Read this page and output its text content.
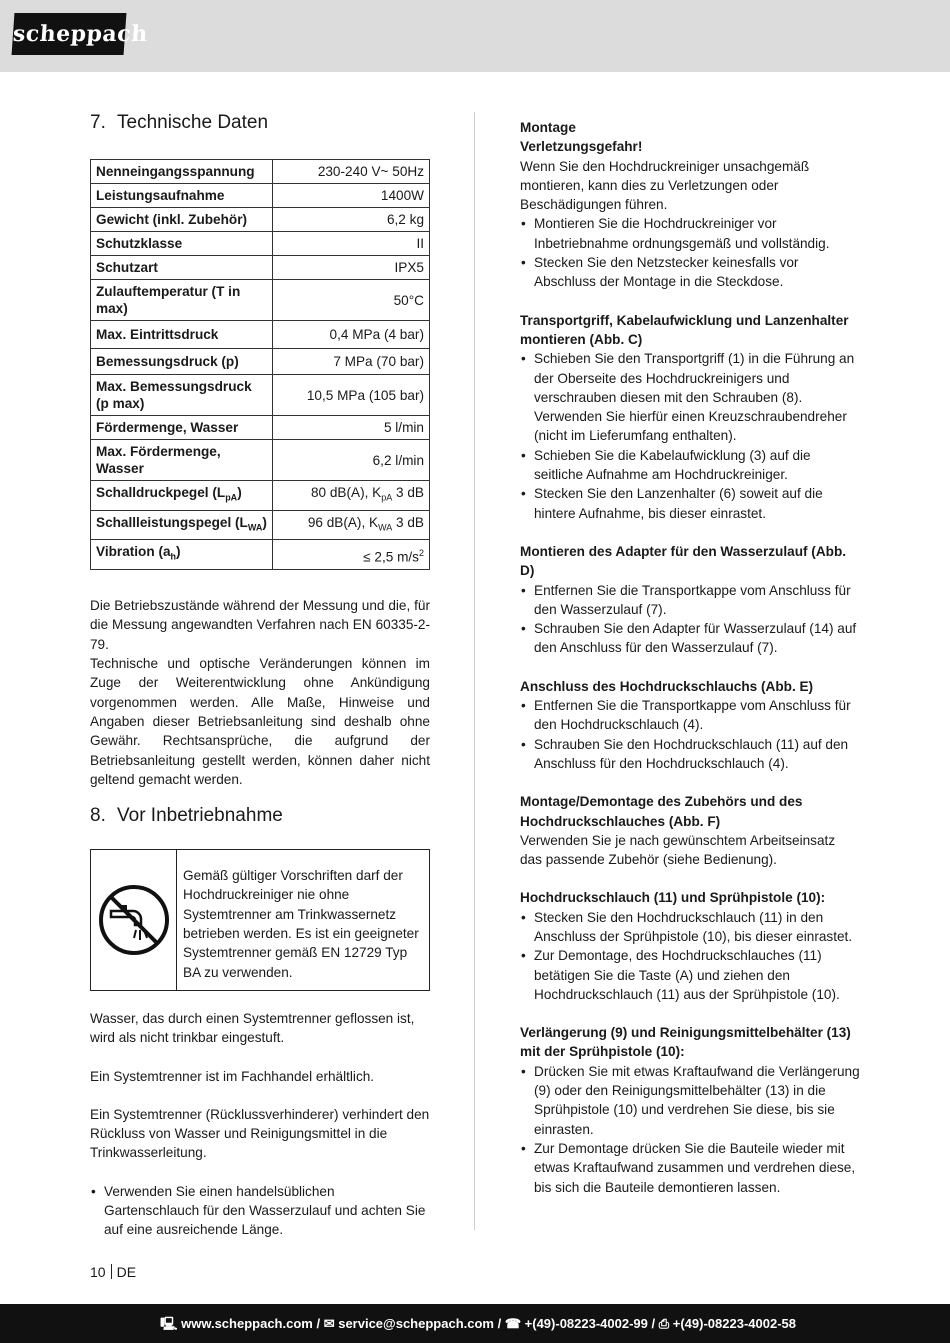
scheppach
7. Technische Daten
Nenneingangsspannung	230-240 V~ 50Hz
Leistungsaufnahme	1400W
Gewicht (inkl. Zubehör)	6,2 kg
Schutzklasse	II
Schutzart	IPX5
Zulauftemperatur (T in max)	50°C
Max. Eintrittsdruck	0,4 MPa (4 bar)
Bemessungsdruck (p)	7 MPa (70 bar)
Max. Bemessungsdruck (p max)	10,5 MPa (105 bar)
Fördermenge, Wasser	5 l/min
Max. Fördermenge, Wasser	6,2 l/min
Schalldruckpegel $(L_{pA})$	80 dB(A), $K_{pA}$ 3 dB
Schallleistungspegel $(L_{WA})$	96 dB(A), $K_{WA}$ 3 dB
Vibration $(a_h)$	≤ 2,5 $m/s^2$

Die Betriebszustände während der Messung und die, für die Messung angewandten Verfahren nach EN 60335-2-79.

Technische und optische Veränderungen können im Zuge der Weiterentwicklung ohne Ankündigung vorgenommen werden. Alle Maße, Hinweise und Angaben dieser Betriebsanleitung sind deshalb ohne Gewähr. Rechtsansprüche, die aufgrund der Betriebsanleitung gestellt werden, können daher nicht geltend gemacht werden.

8. Vor Inbetriebnahme
Gemäß gültiger Vorschriften darf der Hochdruckreiniger nie ohne Systemtrenner am Trinkwassernetz betrieben werden. Es ist ein geeigneter Systemtrenner gemäß EN 12729 Typ BA zu verwenden.

Wasser, das durch einen Systemtrenner geflossen ist, wird als nicht trinkbar eingestuft.

Ein Systemtrenner ist im Fachhandel erhältlich.

Ein Systemtrenner (Rücklussverhinderer) verhindert den Rückluss von Wasser und Reinigungsmittel in die Trinkwasserleitung.

• Verwenden Sie einen handelsüblichen Gartenschlauch für den Wasserzulauf und achten Sie auf eine ausreichende Länge.
Montage
Verletzungsgefahr!

Wenn Sie den Hochdruckreiniger unsachgemäß montieren, kann dies zu Verletzungen oder Beschädigungen führen.

• Montieren Sie die Hochdruckreiniger vor Inbetriebnahme ordnungsgemäß und vollständig.
• Stecken Sie den Netzstecker keinesfalls vor Abschluss der Montage in die Steckdose.
Transportgriff, Kabelaufwicklung und Lanzenhalter montieren (Abb. C)
• Schieben Sie den Transportgriff (1) in die Führung an der Oberseite des Hochdruckreinigers und verschrauben diesen mit den Schrauben (8). Verwenden Sie hierfür einen Kreuzschraubendreher (nicht im Lieferumfang enthalten).
• Schieben Sie die Kabelaufwicklung (3) auf die seitliche Aufnahme am Hochdruckreiniger.
• Stecken Sie den Lanzenhalter (6) soweit auf die hintere Aufnahme, bis dieser einrastet.
Montieren des Adapter für den Wasserzulauf (Abb. D)
• Entfernen Sie die Transportkappe vom Anschluss für den Wasserzulauf (7).
• Schrauben Sie den Adapter für Wasserzulauf (14) auf den Anschluss für den Wasserzulauf (7).
Anschluss des Hochdruckschlauchs (Abb. E)
• Entfernen Sie die Transportkappe vom Anschluss für den Hochdruckschlauch (4).
• Schrauben Sie den Hochdruckschlauch (11) auf den Anschluss für den Hochdruckschlauch (4).
Montage/Demontage des Zubehörs und des Hochdruckschlauches (Abb. F)

Verwenden Sie je nach gewünschtem Arbeitseinsatz das passende Zubehör (siehe Bedienung).

Hochdruckschlauch (11) und Sprühpistole (10):
• Stecken Sie den Hochdruckschlauch (11) in den Anschluss der Sprühpistole (10), bis dieser einrastet.
• Zur Demontage, des Hochdruckschlauches (11) betätigen Sie die Taste (A) und ziehen den Hochdruckschlauch (11) aus der Sprühpistole (10).
Verlängerung (9) und Reinigungsmittelbehälter (13) mit der Sprühpistole (10):
• Drücken Sie mit etwas Kraftaufwand die Verlängerung (9) oder den Reinigungsmittelbehälter (13) in die Sprühpistole (10) und verdrehen Sie diese, bis sie einrasten.
• Zur Demontage drücken Sie die Bauteile wieder mit etwas Kraftaufwand zusammen und verdrehen diese, bis sich die Bauteile demontieren lassen.
10 DE
🖳︎ www.scheppach.com / ✉︎ service@scheppach.com / ☎︎ +(49)-08223-4002-99 / ⎙ +(49)-08223-4002-58
